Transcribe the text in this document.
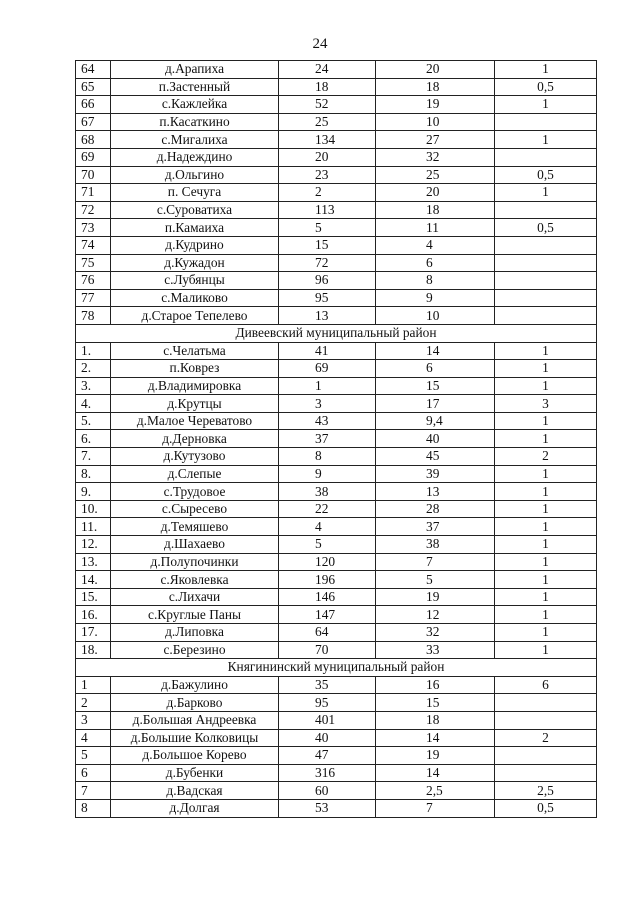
24
64	д.Арапиха	24	20	1
65	п.Застенный	18	18	0,5
66	с.Кажлейка	52	19	1
67	п.Касаткино	25	10	
68	с.Мигалиха	134	27	1
69	д.Надеждино	20	32	
70	д.Ольгино	23	25	0,5
71	п. Сечуга	2	20	1
72	с.Суроватиха	113	18	
73	п.Камаиха	5	11	0,5
74	д.Кудрино	15	4	
75	д.Кужадон	72	6	
76	с.Лубянцы	96	8	
77	с.Маликово	95	9	
78	д.Старое Тепелево	13	10	
Дивеевский муниципальный район				
1.	с.Челатьма	41	14	1
2.	п.Коврез	69	6	1
3.	д.Владимировка	1	15	1
4.	д.Крутцы	3	17	3
5.	д.Малое Череватово	43	9,4	1
6.	д.Дерновка	37	40	1
7.	д.Кутузово	8	45	2
8.	д.Слепые	9	39	1
9.	с.Трудовое	38	13	1
10.	с.Сыресево	22	28	1
11.	д.Темяшево	4	37	1
12.	д.Шахаево	5	38	1
13.	д.Полупочинки	120	7	1
14.	с.Яковлевка	196	5	1
15.	с.Лихачи	146	19	1
16.	с.Круглые Паны	147	12	1
17.	д.Липовка	64	32	1
18.	с.Березино	70	33	1
Княгининский муниципальный район				
1	д.Бажулино	35	16	6
2	д.Барково	95	15	
3	д.Большая Андреевка	401	18	
4	д.Большие Колковицы	40	14	2
5	д.Большое Корево	47	19	
6	д.Бубенки	316	14	
7	д.Вадская	60	2,5	2,5
8	д.Долгая	53	7	0,5
